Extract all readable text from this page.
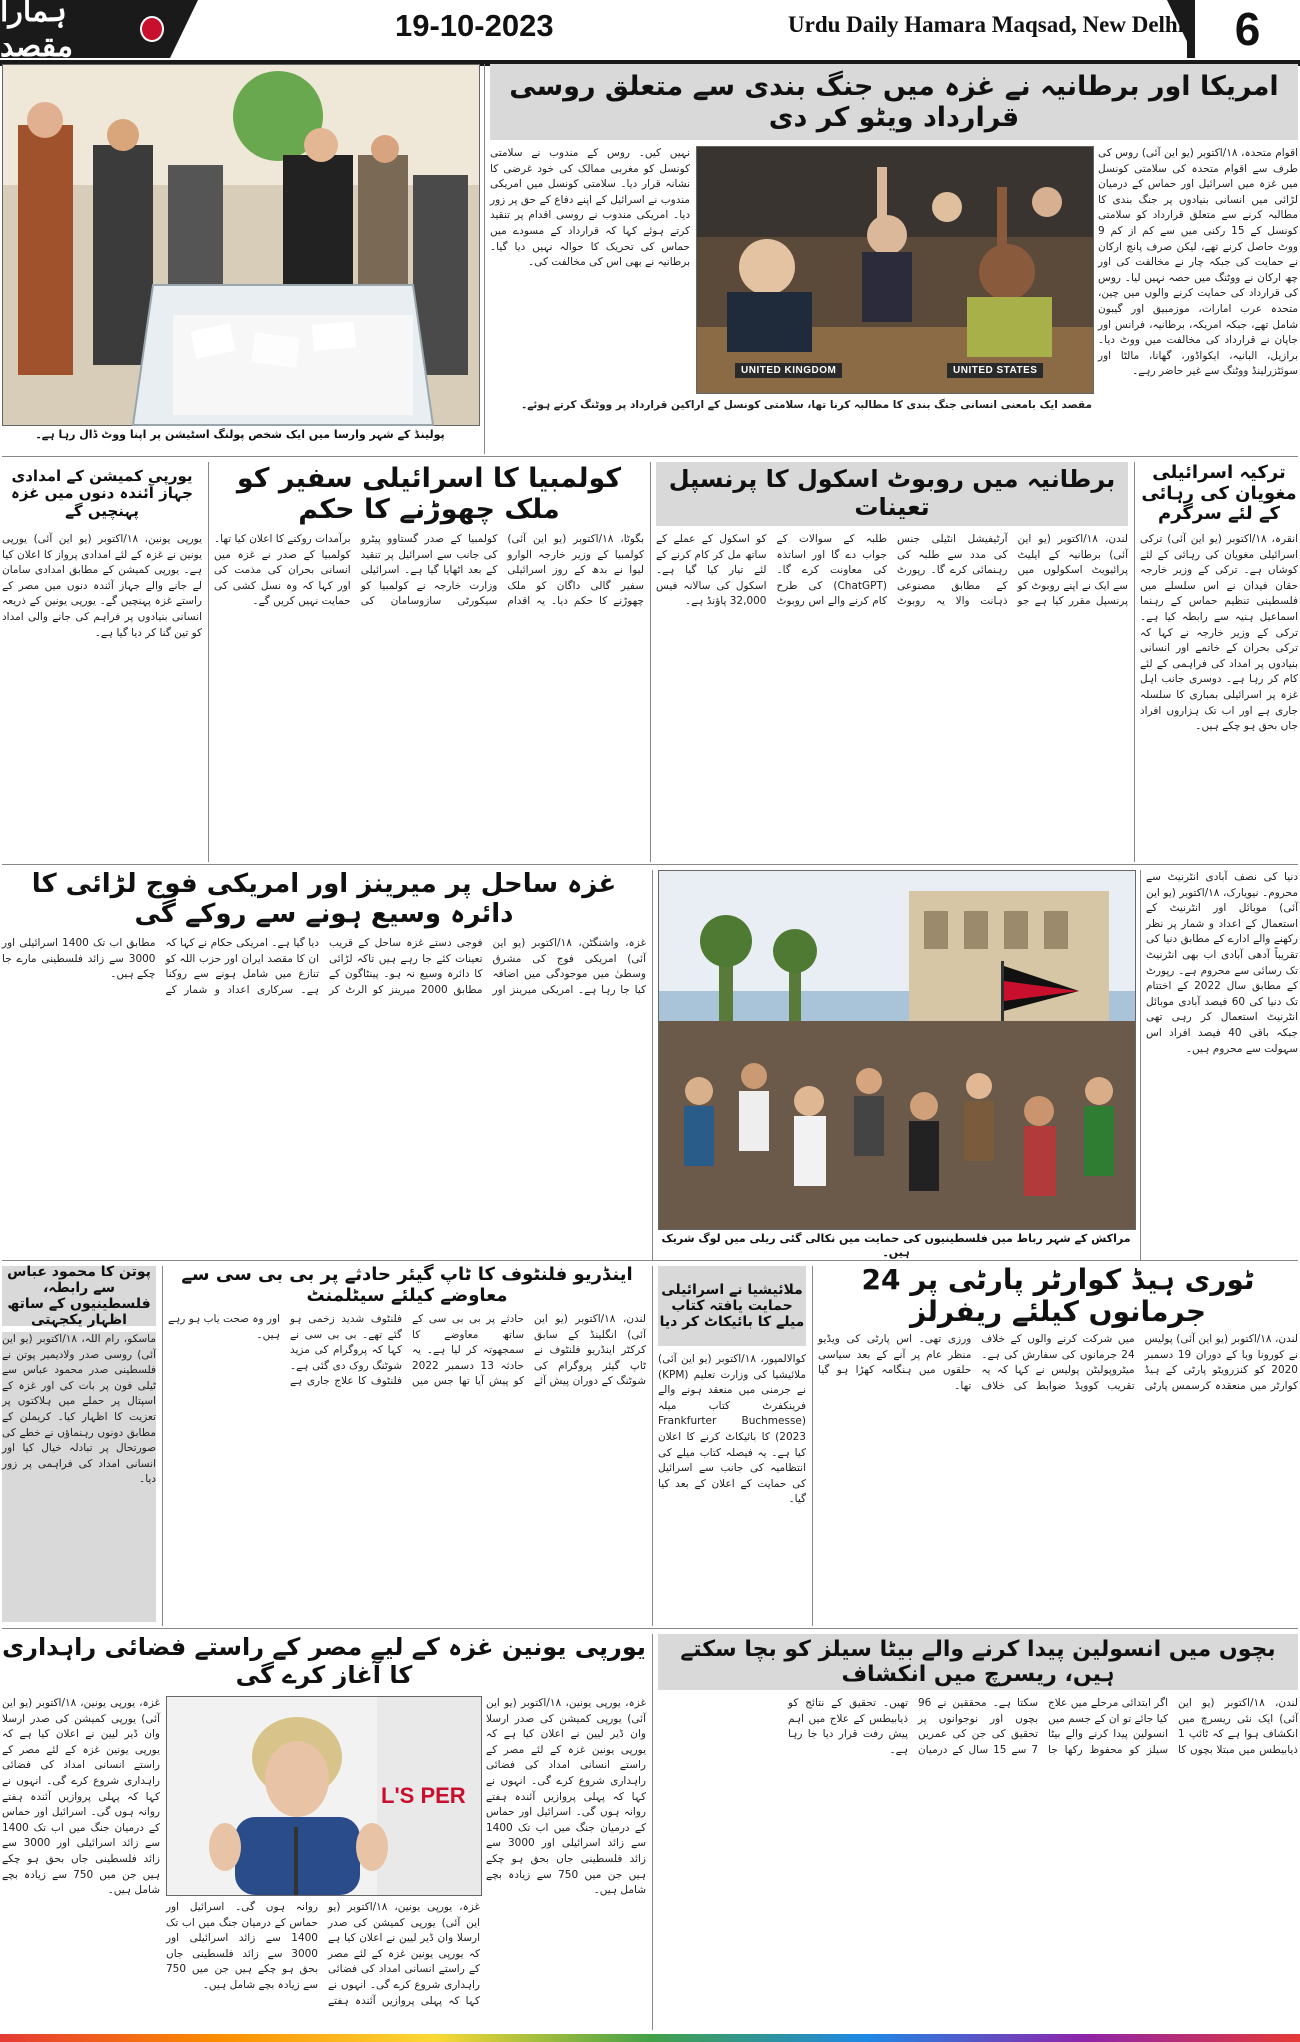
ہمارا مقصد
19-10-2023	Urdu Daily Hamara Maqsad, New Delhi	6
پولینڈ کے شہر وارسا میں ایک شخص پولنگ اسٹیشن پر اپنا ووٹ ڈال رہا ہے۔
امریکا اور برطانیہ نے غزہ میں جنگ بندی سے متعلق روسی قرارداد ویٹو کر دی
UNITED KINGDOM	UNITED STATES
اقوام متحدہ، ۱۸/اکتوبر (یو این آئی) روس کی طرف سے اقوام متحدہ کی سلامتی کونسل میں غزہ میں اسرائیل اور حماس کے درمیان لڑائی میں انسانی بنیادوں پر جنگ بندی کا مطالبہ کرنے سے متعلق قرارداد کو سلامتی کونسل کے 15 رکنی میں سے کم از کم 9 ووٹ حاصل کرنے تھے، لیکن صرف پانچ ارکان نے حمایت کی جبکہ چار نے مخالفت کی اور چھ ارکان نے ووٹنگ میں حصہ نہیں لیا۔ روس کی قرارداد کی حمایت کرنے والوں میں چین، متحدہ عرب امارات، موزمبیق اور گیبون شامل تھے، جبکہ امریکہ، برطانیہ، فرانس اور جاپان نے قرارداد کی مخالفت میں ووٹ دیا۔ برازیل، البانیہ، ایکواڈور، گھانا، مالٹا اور سوئٹزرلینڈ ووٹنگ سے غیر حاضر رہے۔
نہیں کیں۔ روس کے مندوب نے سلامتی کونسل کو مغربی ممالک کی خود غرضی کا نشانہ قرار دیا۔ سلامتی کونسل میں امریکی مندوب نے اسرائیل کے اپنے دفاع کے حق پر زور دیا۔ امریکی مندوب نے روسی اقدام پر تنقید کرتے ہوئے کہا کہ قرارداد کے مسودے میں حماس کی تحریک کا حوالہ نہیں دیا گیا۔ برطانیہ نے بھی اس کی مخالفت کی۔
مقصد ایک بامعنی انسانی جنگ بندی کا مطالبہ کرنا تھا، سلامتی کونسل کے اراکین قرارداد پر ووٹنگ کرتے ہوئے۔
ترکیہ اسرائیلی مغویان کی رہائی کے لئے سرگرم
انقرہ، ۱۸/اکتوبر (یو این آئی) ترکی اسرائیلی مغویان کی رہائی کے لئے کوشاں ہے۔ ترکی کے وزیر خارجہ حقان فیدان نے اس سلسلے میں فلسطینی تنظیم حماس کے رہنما اسماعیل ہنیہ سے رابطہ کیا ہے۔ ترکی کے وزیر خارجہ نے کہا کہ ترکی بحران کے خاتمے اور انسانی بنیادوں پر امداد کی فراہمی کے لئے کام کر رہا ہے۔ دوسری جانب اہل غزہ پر اسرائیلی بمباری کا سلسلہ جاری ہے اور اب تک ہزاروں افراد جاں بحق ہو چکے ہیں۔
برطانیہ میں روبوٹ اسکول کا پرنسپل تعینات
لندن، ۱۸/اکتوبر (یو این آئی) برطانیہ کے ایلیٹ پرائیویٹ اسکولوں میں سے ایک نے اپنے روبوٹ کو پرنسپل مقرر کیا ہے جو آرٹیفیشل انٹیلی جنس کی مدد سے طلبہ کی رہنمائی کرے گا۔ رپورٹ کے مطابق مصنوعی ذہانت والا یہ روبوٹ طلبہ کے سوالات کے جواب دے گا اور اساتذہ کی معاونت کرے گا۔ (ChatGPT) کی طرح کام کرنے والے اس روبوٹ کو اسکول کے عملے کے ساتھ مل کر کام کرنے کے لئے تیار کیا گیا ہے۔ اسکول کی سالانہ فیس 32,000 پاؤنڈ ہے۔
کولمبیا کا اسرائیلی سفیر کو ملک چھوڑنے کا حکم
بگوٹا، ۱۸/اکتوبر (یو این آئی) کولمبیا کے وزیر خارجہ الوارو لیوا نے بدھ کے روز اسرائیلی سفیر گالی داگان کو ملک چھوڑنے کا حکم دیا۔ یہ اقدام کولمبیا کے صدر گستاوو پیٹرو کی جانب سے اسرائیل پر تنقید کے بعد اٹھایا گیا ہے۔ اسرائیلی وزارت خارجہ نے کولمبیا کو سیکورٹی سازوسامان کی برآمدات روکنے کا اعلان کیا تھا۔ کولمبیا کے صدر نے غزہ میں انسانی بحران کی مذمت کی اور کہا کہ وہ نسل کشی کی حمایت نہیں کریں گے۔
یورپی کمیشن کے امدادی جہاز آئندہ دنوں میں غزہ پہنچیں گے
یورپی یونین، ۱۸/اکتوبر (یو این آئی) یورپی یونین نے غزہ کے لئے امدادی پرواز کا اعلان کیا ہے۔ یورپی کمیشن کے مطابق امدادی سامان لے جانے والے جہاز آئندہ دنوں میں مصر کے راستے غزہ پہنچیں گے۔ یورپی یونین کے ذریعہ انسانی بنیادوں پر فراہم کی جانے والی امداد کو تین گنا کر دیا گیا ہے۔
دنیا کی نصف آبادی انٹرنیٹ سے محروم۔ نیویارک، ۱۸/اکتوبر (یو این آئی) موبائل اور انٹرنیٹ کے استعمال کے اعداد و شمار پر نظر رکھنے والے ادارے کے مطابق دنیا کی تقریباً آدھی آبادی اب بھی انٹرنیٹ تک رسائی سے محروم ہے۔ رپورٹ کے مطابق سال 2022 کے اختتام تک دنیا کی 60 فیصد آبادی موبائل انٹرنیٹ استعمال کر رہی تھی جبکہ باقی 40 فیصد افراد اس سہولت سے محروم ہیں۔
مراکش کے شہر رباط میں فلسطینیوں کی حمایت میں نکالی گئی ریلی میں لوگ شریک ہیں۔
غزہ ساحل پر میرینز اور امریکی فوج لڑائی کا دائرہ وسیع ہونے سے روکے گی
غزہ، واشنگٹن، ۱۸/اکتوبر (یو این آئی) امریکی فوج کی مشرق وسطیٰ میں موجودگی میں اضافہ کیا جا رہا ہے۔ امریکی میرینز اور فوجی دستے غزہ ساحل کے قریب تعینات کئے جا رہے ہیں تاکہ لڑائی کا دائرہ وسیع نہ ہو۔ پینٹاگون کے مطابق 2000 میرینز کو الرٹ کر دیا گیا ہے۔ امریکی حکام نے کہا کہ ان کا مقصد ایران اور حزب اللہ کو تنازع میں شامل ہونے سے روکنا ہے۔ سرکاری اعداد و شمار کے مطابق اب تک 1400 اسرائیلی اور 3000 سے زائد فلسطینی مارے جا چکے ہیں۔
ٹوری ہیڈ کوارٹر پارٹی پر 24 جرمانوں کیلئے ریفرلز
لندن، ۱۸/اکتوبر (یو این آئی) پولیس نے کورونا وبا کے دوران 19 دسمبر 2020 کو کنزرویٹو پارٹی کے ہیڈ کوارٹر میں منعقدہ کرسمس پارٹی میں شرکت کرنے والوں کے خلاف 24 جرمانوں کی سفارش کی ہے۔ میٹروپولیٹن پولیس نے کہا کہ یہ تقریب کوویڈ ضوابط کی خلاف ورزی تھی۔ اس پارٹی کی ویڈیو منظر عام پر آنے کے بعد سیاسی حلقوں میں ہنگامہ کھڑا ہو گیا تھا۔
ملائیشیا نے اسرائیلی حمایت یافتہ کتاب میلے کا بائیکاٹ کر دیا
کوالالمپور، ۱۸/اکتوبر (یو این آئی) ملائیشیا کی وزارت تعلیم (KPM) نے جرمنی میں منعقد ہونے والے فرینکفرٹ کتاب میلہ (Frankfurter Buchmesse 2023) کا بائیکاٹ کرنے کا اعلان کیا ہے۔ یہ فیصلہ کتاب میلے کی انتظامیہ کی جانب سے اسرائیل کی حمایت کے اعلان کے بعد کیا گیا۔
اینڈریو فلنٹوف کا ٹاپ گیئر حادثے پر بی بی سی سے معاوضے کیلئے سیٹلمنٹ
لندن، ۱۸/اکتوبر (یو این آئی) انگلینڈ کے سابق کرکٹر اینڈریو فلنٹوف نے ٹاپ گیئر پروگرام کی شوٹنگ کے دوران پیش آئے حادثے پر بی بی سی کے ساتھ معاوضے کا سمجھوتہ کر لیا ہے۔ یہ حادثہ 13 دسمبر 2022 کو پیش آیا تھا جس میں فلنٹوف شدید زخمی ہو گئے تھے۔ بی بی سی نے کہا کہ پروگرام کی مزید شوٹنگ روک دی گئی ہے۔ فلنٹوف کا علاج جاری ہے اور وہ صحت یاب ہو رہے ہیں۔
پوتن کا محمود عباس سے رابطہ، فلسطینیوں کے ساتھ اظہار یکجہتی
ماسکو، رام اللہ، ۱۸/اکتوبر (یو این آئی) روسی صدر ولادیمیر پوتن نے فلسطینی صدر محمود عباس سے ٹیلی فون پر بات کی اور غزہ کے اسپتال پر حملے میں ہلاکتوں پر تعزیت کا اظہار کیا۔ کریملن کے مطابق دونوں رہنماؤں نے خطے کی صورتحال پر تبادلہ خیال کیا اور انسانی امداد کی فراہمی پر زور دیا۔
بچوں میں انسولین پیدا کرنے والے بیٹا سیلز کو بچا سکتے ہیں، ریسرچ میں انکشاف
لندن، ۱۸/اکتوبر (یو این آئی) ایک نئی ریسرچ میں انکشاف ہوا ہے کہ ٹائپ 1 ذیابیطس میں مبتلا بچوں کا اگر ابتدائی مرحلے میں علاج کیا جائے تو ان کے جسم میں انسولین پیدا کرنے والے بیٹا سیلز کو محفوظ رکھا جا سکتا ہے۔ محققین نے 96 بچوں اور نوجوانوں پر تحقیق کی جن کی عمریں 7 سے 15 سال کے درمیان تھیں۔ تحقیق کے نتائج کو ذیابیطس کے علاج میں اہم پیش رفت قرار دیا جا رہا ہے۔
یورپی یونین غزہ کے لیے مصر کے راستے فضائی راہداری کا آغاز کرے گی
L'S PER
غزہ، یورپی یونین، ۱۸/اکتوبر (یو این آئی) یورپی کمیشن کی صدر ارسلا وان ڈیر لیین نے اعلان کیا ہے کہ یورپی یونین غزہ کے لئے مصر کے راستے انسانی امداد کی فضائی راہداری شروع کرے گی۔ انہوں نے کہا کہ پہلی پروازیں آئندہ ہفتے روانہ ہوں گی۔ اسرائیل اور حماس کے درمیان جنگ میں اب تک 1400 سے زائد اسرائیلی اور 3000 سے زائد فلسطینی جاں بحق ہو چکے ہیں جن میں 750 سے زیادہ بچے شامل ہیں۔
غزہ، یورپی یونین، ۱۸/اکتوبر (یو این آئی) یورپی کمیشن کی صدر ارسلا وان ڈیر لیین نے اعلان کیا ہے کہ یورپی یونین غزہ کے لئے مصر کے راستے انسانی امداد کی فضائی راہداری شروع کرے گی۔ انہوں نے کہا کہ پہلی پروازیں آئندہ ہفتے روانہ ہوں گی۔ اسرائیل اور حماس کے درمیان جنگ میں اب تک 1400 سے زائد اسرائیلی اور 3000 سے زائد فلسطینی جاں بحق ہو چکے ہیں جن میں 750 سے زیادہ بچے شامل ہیں۔
غزہ، یورپی یونین، ۱۸/اکتوبر (یو این آئی) یورپی کمیشن کی صدر ارسلا وان ڈیر لیین نے اعلان کیا ہے کہ یورپی یونین غزہ کے لئے مصر کے راستے انسانی امداد کی فضائی راہداری شروع کرے گی۔ انہوں نے کہا کہ پہلی پروازیں آئندہ ہفتے روانہ ہوں گی۔ اسرائیل اور حماس کے درمیان جنگ میں اب تک 1400 سے زائد اسرائیلی اور 3000 سے زائد فلسطینی جاں بحق ہو چکے ہیں جن میں 750 سے زیادہ بچے شامل ہیں۔
